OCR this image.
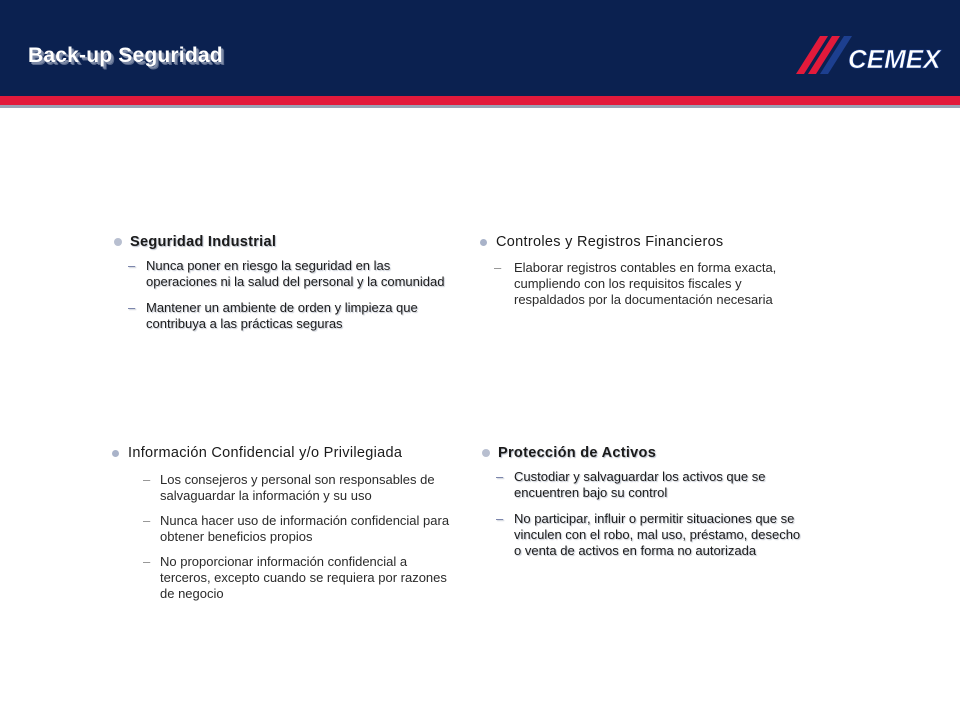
Back-up Seguridad	CEMEX
Seguridad Industrial
– Nunca poner en riesgo la seguridad en las operaciones ni la salud del personal y la comunidad
– Mantener un ambiente de orden y limpieza que contribuya a las prácticas seguras
Controles y Registros Financieros
– Elaborar registros contables en forma exacta, cumpliendo con los requisitos fiscales y respaldados por la documentación necesaria
Información Confidencial y/o Privilegiada
– Los consejeros y personal son responsables de salvaguardar la información y su uso
– Nunca hacer uso de información confidencial para obtener beneficios propios
– No proporcionar información confidencial a terceros, excepto cuando se requiera por razones de negocio
Protección de Activos
– Custodiar y salvaguardar los activos que se encuentren bajo su control
– No participar, influir o permitir situaciones que se vinculen con el robo, mal uso, préstamo, desecho o venta de activos en forma no autorizada
